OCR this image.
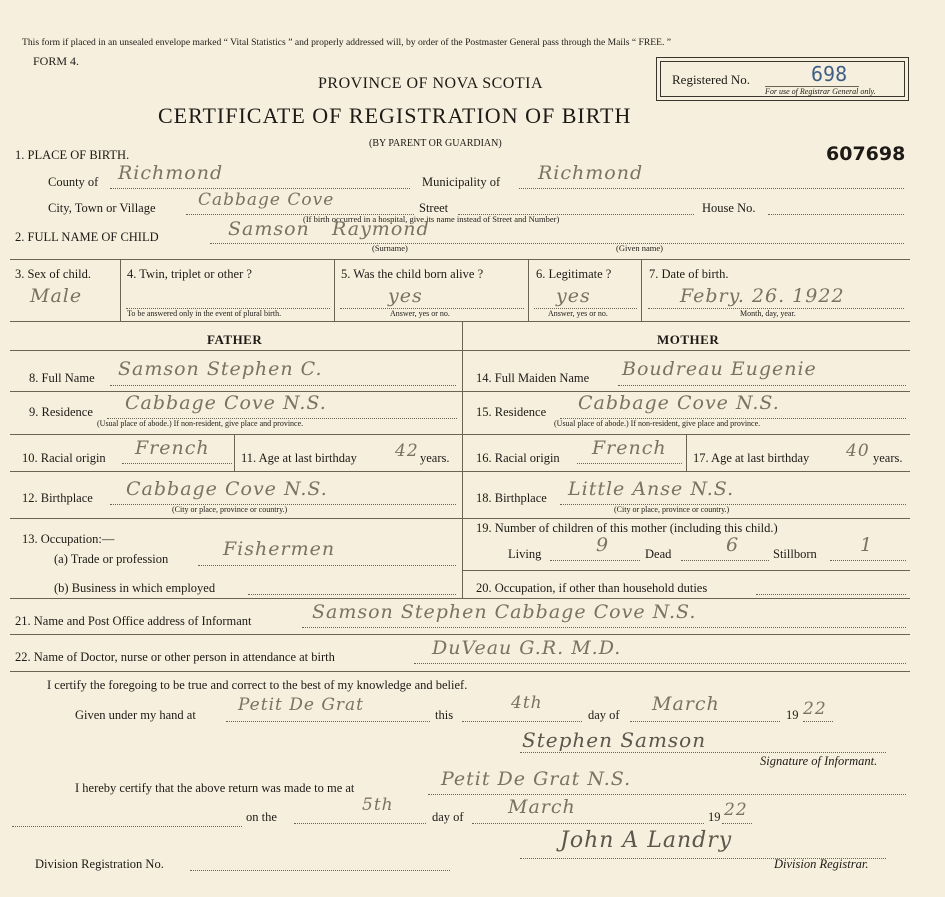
This form if placed in an unsealed envelope marked “ Vital Statistics ” and properly addressed will, by order of the Postmaster General pass through the Mails “ FREE. ”
FORM 4.
PROVINCE OF NOVA SCOTIA
CERTIFICATE OF REGISTRATION OF BIRTH
(BY PARENT OR GUARDIAN)
Registered No.	698
For use of Registrar General only.
607698
1. PLACE OF BIRTH.
County of Richmond	Municipality of Richmond
City, Town or Village Cabbage Cove	Street	House No.
(If birth occurred in a hospital, give its name instead of Street and Number)
2. FULL NAME OF CHILD	Samson Raymond
(Surname)	(Given name)
3. Sex of child.
Male
4. Twin, triplet or other ?
To be answered only in the event of plural birth.
5. Was the child born alive ?
yes
Answer, yes or no.
6. Legitimate ?
yes
Answer, yes or no.
7. Date of birth.
Febry. 26. 1922
Month, day, year.
FATHER	MOTHER
8. Full Name Samson Stephen C.
9. Residence Cabbage Cove N.S.
(Usual place of abode.) If non-resident, give place and province.
10. Racial origin French	11. Age at last birthday 42 years.
12. Birthplace Cabbage Cove N.S.
(City or place, province or country.)
13. Occupation:—
(a) Trade or profession	Fishermen
(b) Business in which employed
14. Full Maiden Name Boudreau Eugenie
15. Residence Cabbage Cove N.S.
(Usual place of abode.) If non-resident, give place and province.
16. Racial origin French 17. Age at last birthday 40 years.
18. Birthplace Little Anse N.S.
(City or place, province or country.)
19. Number of children of this mother (including this child.)
Living	9	Dead	6	Stillborn 1
20. Occupation, if other than household duties
21. Name and Post Office address of Informant	Samson Stephen Cabbage Cove N.S.
22. Name of Doctor, nurse or other person in attendance at birth	DuVeau G.R. M.D.
I certify the foregoing to be true and correct to the best of my knowledge and belief.
Given under my hand at Petit De Grat	this
4th
day of March	19 22
Stephen Samson
Signature of Informant.
I hereby certify that the above return was made to me at	Petit De Grat N.S.
on the
5th
day of March	19 22
Division Registration No.
John A Landry
Division Registrar.
